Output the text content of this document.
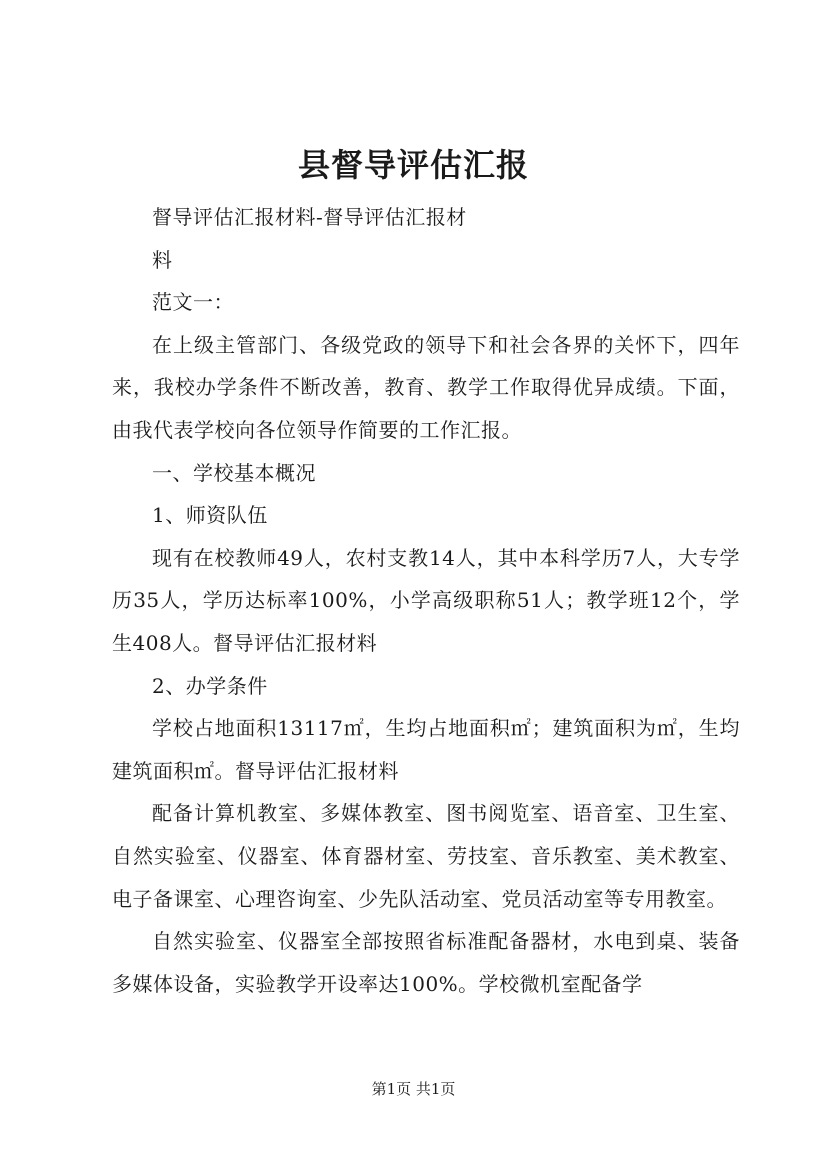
县督导评估汇报

督导评估汇报材料-督导评估汇报材

料

范文一：

在上级主管部门、各级党政的领导下和社会各界的关怀下，四年来，我校办学条件不断改善，教育、教学工作取得优异成绩。下面，由我代表学校向各位领导作简要的工作汇报。

一、学校基本概况

1、师资队伍

现有在校教师49人，农村支教14人，其中本科学历7人，大专学历35人，学历达标率100%，小学高级职称51人；教学班12个，学生408人。督导评估汇报材料

2、办学条件

学校占地面积13117㎡，生均占地面积㎡；建筑面积为㎡，生均建筑面积㎡。督导评估汇报材料

配备计算机教室、多媒体教室、图书阅览室、语音室、卫生室、自然实验室、仪器室、体育器材室、劳技室、音乐教室、美术教室、电子备课室、心理咨询室、少先队活动室、党员活动室等专用教室。

自然实验室、仪器室全部按照省标准配备器材，水电到桌、装备多媒体设备，实验教学开设率达100%。学校微机室配备学

第1页 共1页
